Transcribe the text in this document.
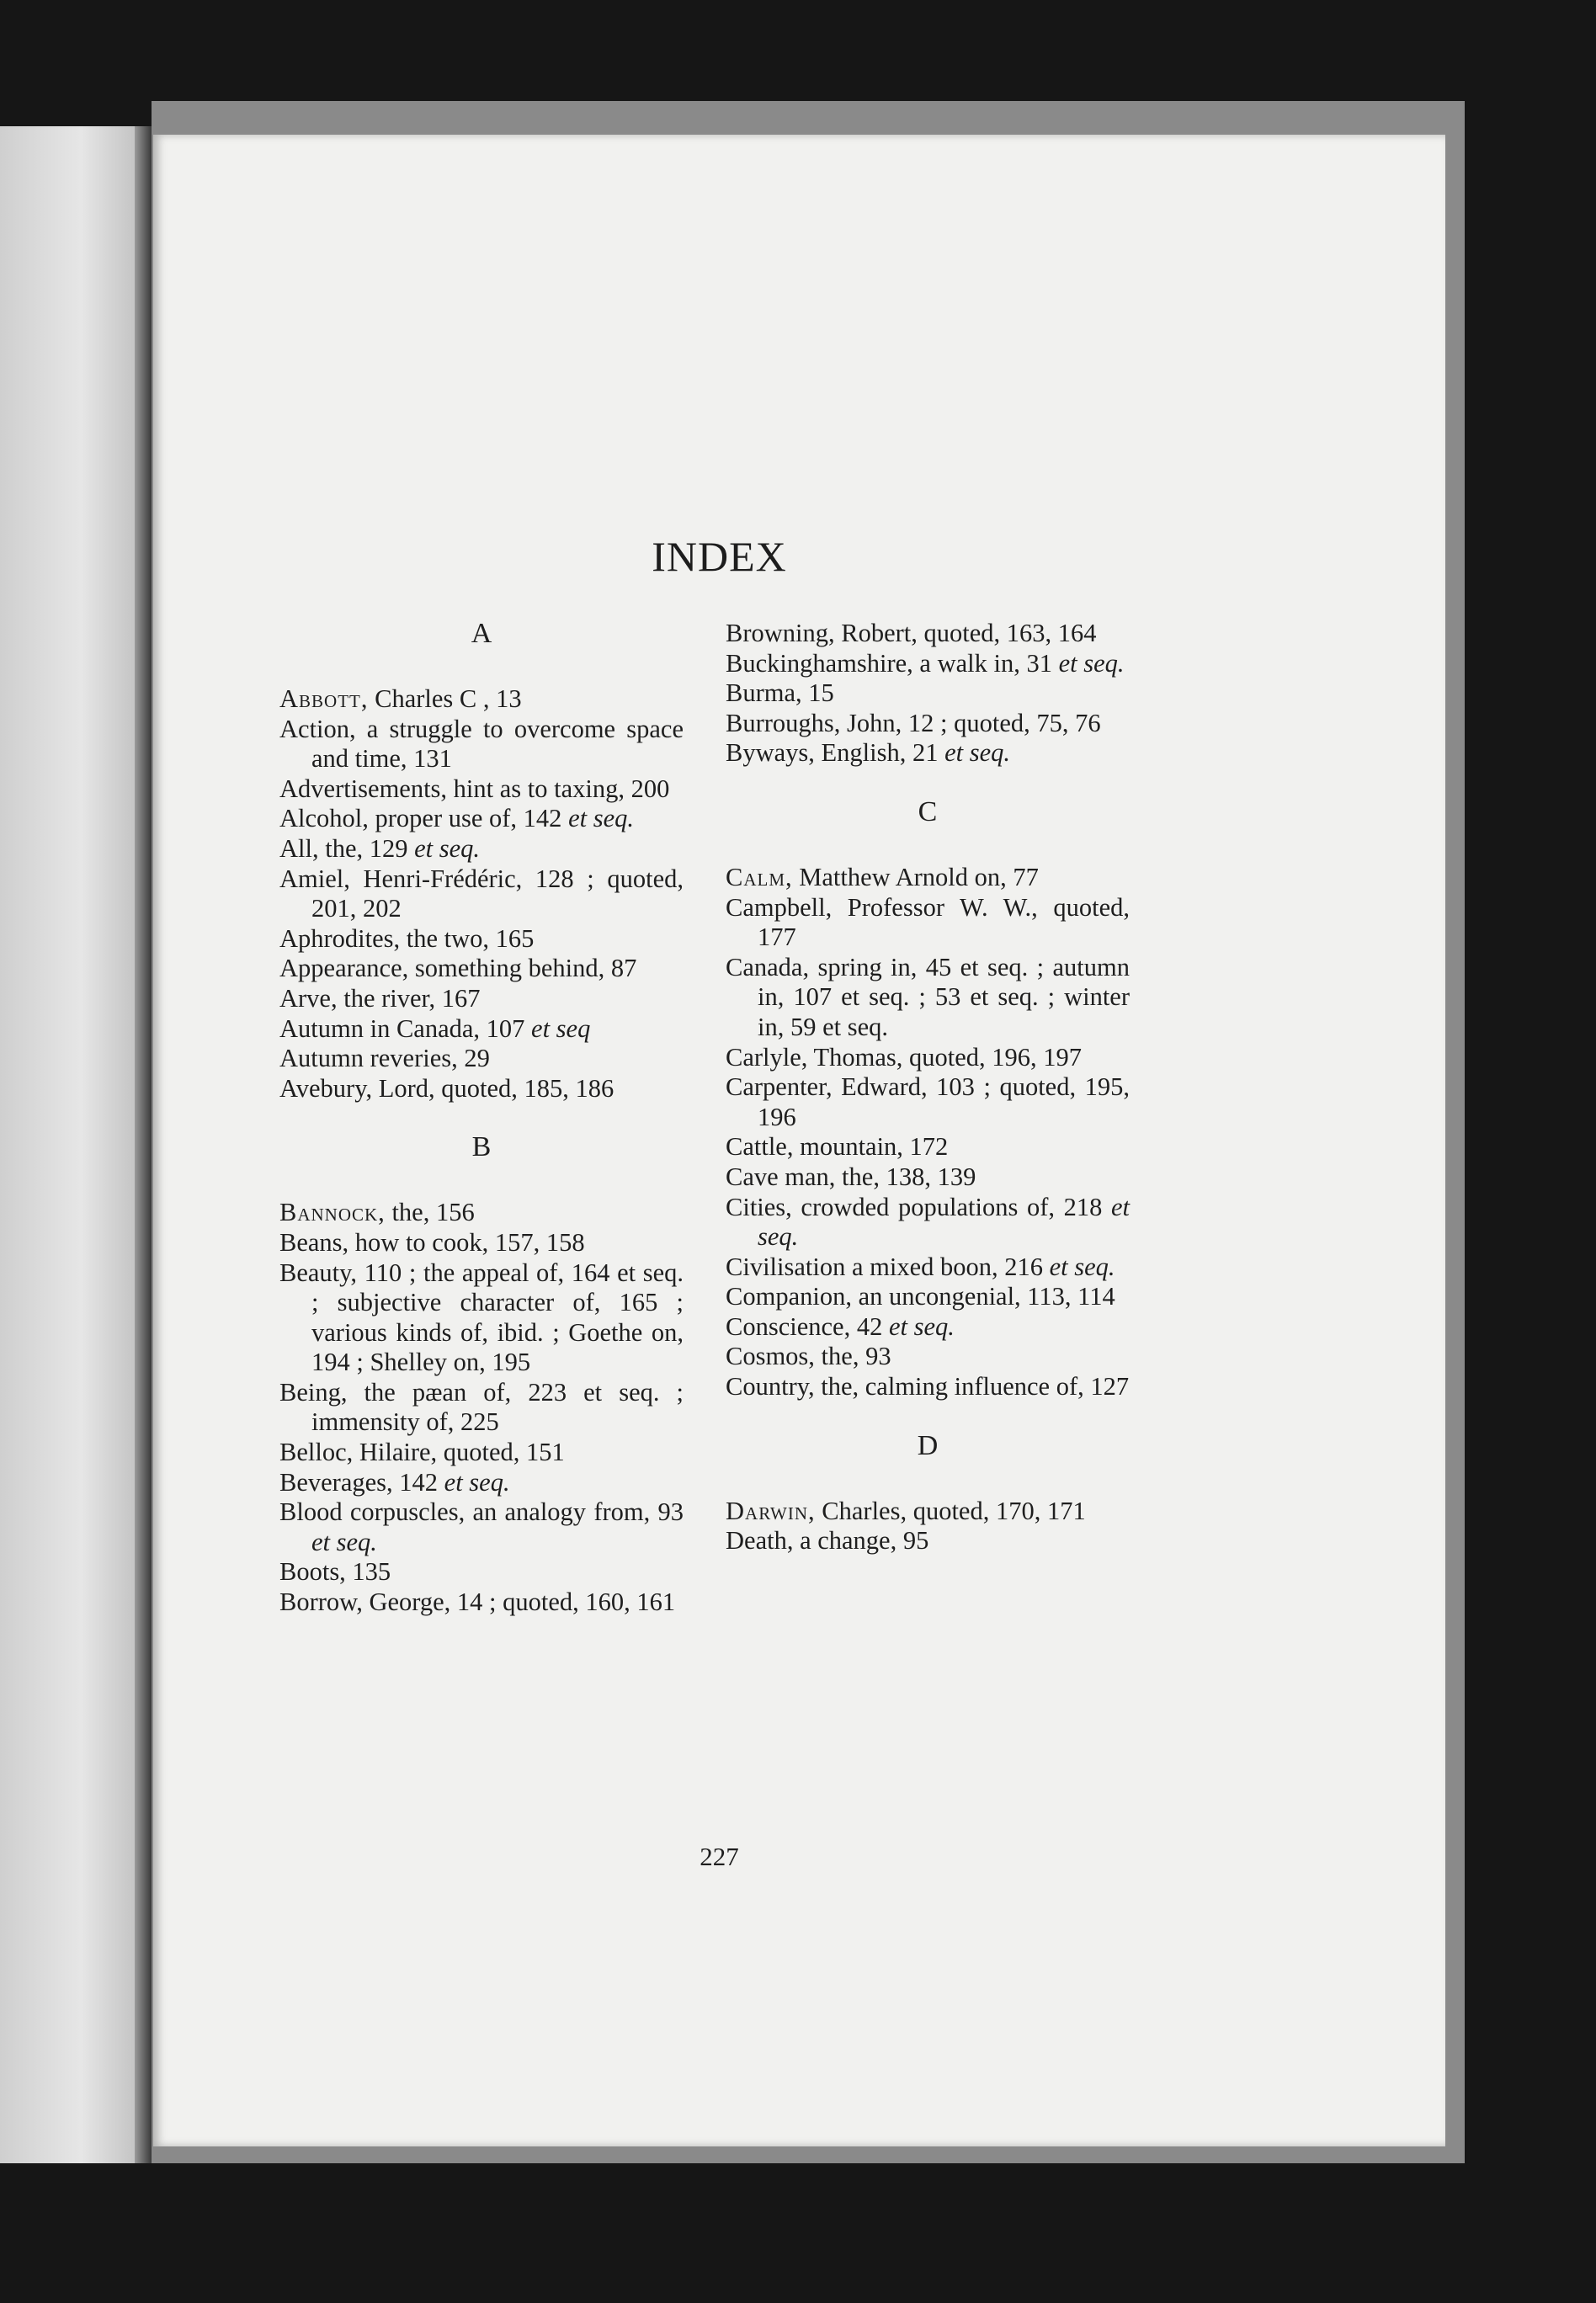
INDEX
A
Abbott, Charles C , 13
Action, a struggle to overcome space and time, 131
Advertisements, hint as to taxing, 200
Alcohol, proper use of, 142 et seq.
All, the, 129 et seq.
Amiel, Henri-Frédéric, 128 ; quoted, 201, 202
Aphrodites, the two, 165
Appearance, something behind, 87
Arve, the river, 167
Autumn in Canada, 107 et seq
Autumn reveries, 29
Avebury, Lord, quoted, 185, 186
B
Bannock, the, 156
Beans, how to cook, 157, 158
Beauty, 110 ; the appeal of, 164 et seq. ; subjective character of, 165 ; various kinds of, ibid. ; Goethe on, 194 ; Shelley on, 195
Being, the pæan of, 223 et seq. ; immensity of, 225
Belloc, Hilaire, quoted, 151
Beverages, 142 et seq.
Blood corpuscles, an analogy from, 93 et seq.
Boots, 135
Borrow, George, 14 ; quoted, 160, 161
Browning, Robert, quoted, 163, 164
Buckinghamshire, a walk in, 31 et seq.
Burma, 15
Burroughs, John, 12 ; quoted, 75, 76
Byways, English, 21 et seq.
C
Calm, Matthew Arnold on, 77
Campbell, Professor W. W., quoted, 177
Canada, spring in, 45 et seq. ; autumn in, 107 et seq. ; 53 et seq. ; winter in, 59 et seq.
Carlyle, Thomas, quoted, 196, 197
Carpenter, Edward, 103 ; quoted, 195, 196
Cattle, mountain, 172
Cave man, the, 138, 139
Cities, crowded populations of, 218 et seq.
Civilisation a mixed boon, 216 et seq.
Companion, an uncongenial, 113, 114
Conscience, 42 et seq.
Cosmos, the, 93
Country, the, calming influence of, 127
D
Darwin, Charles, quoted, 170, 171
Death, a change, 95
227
